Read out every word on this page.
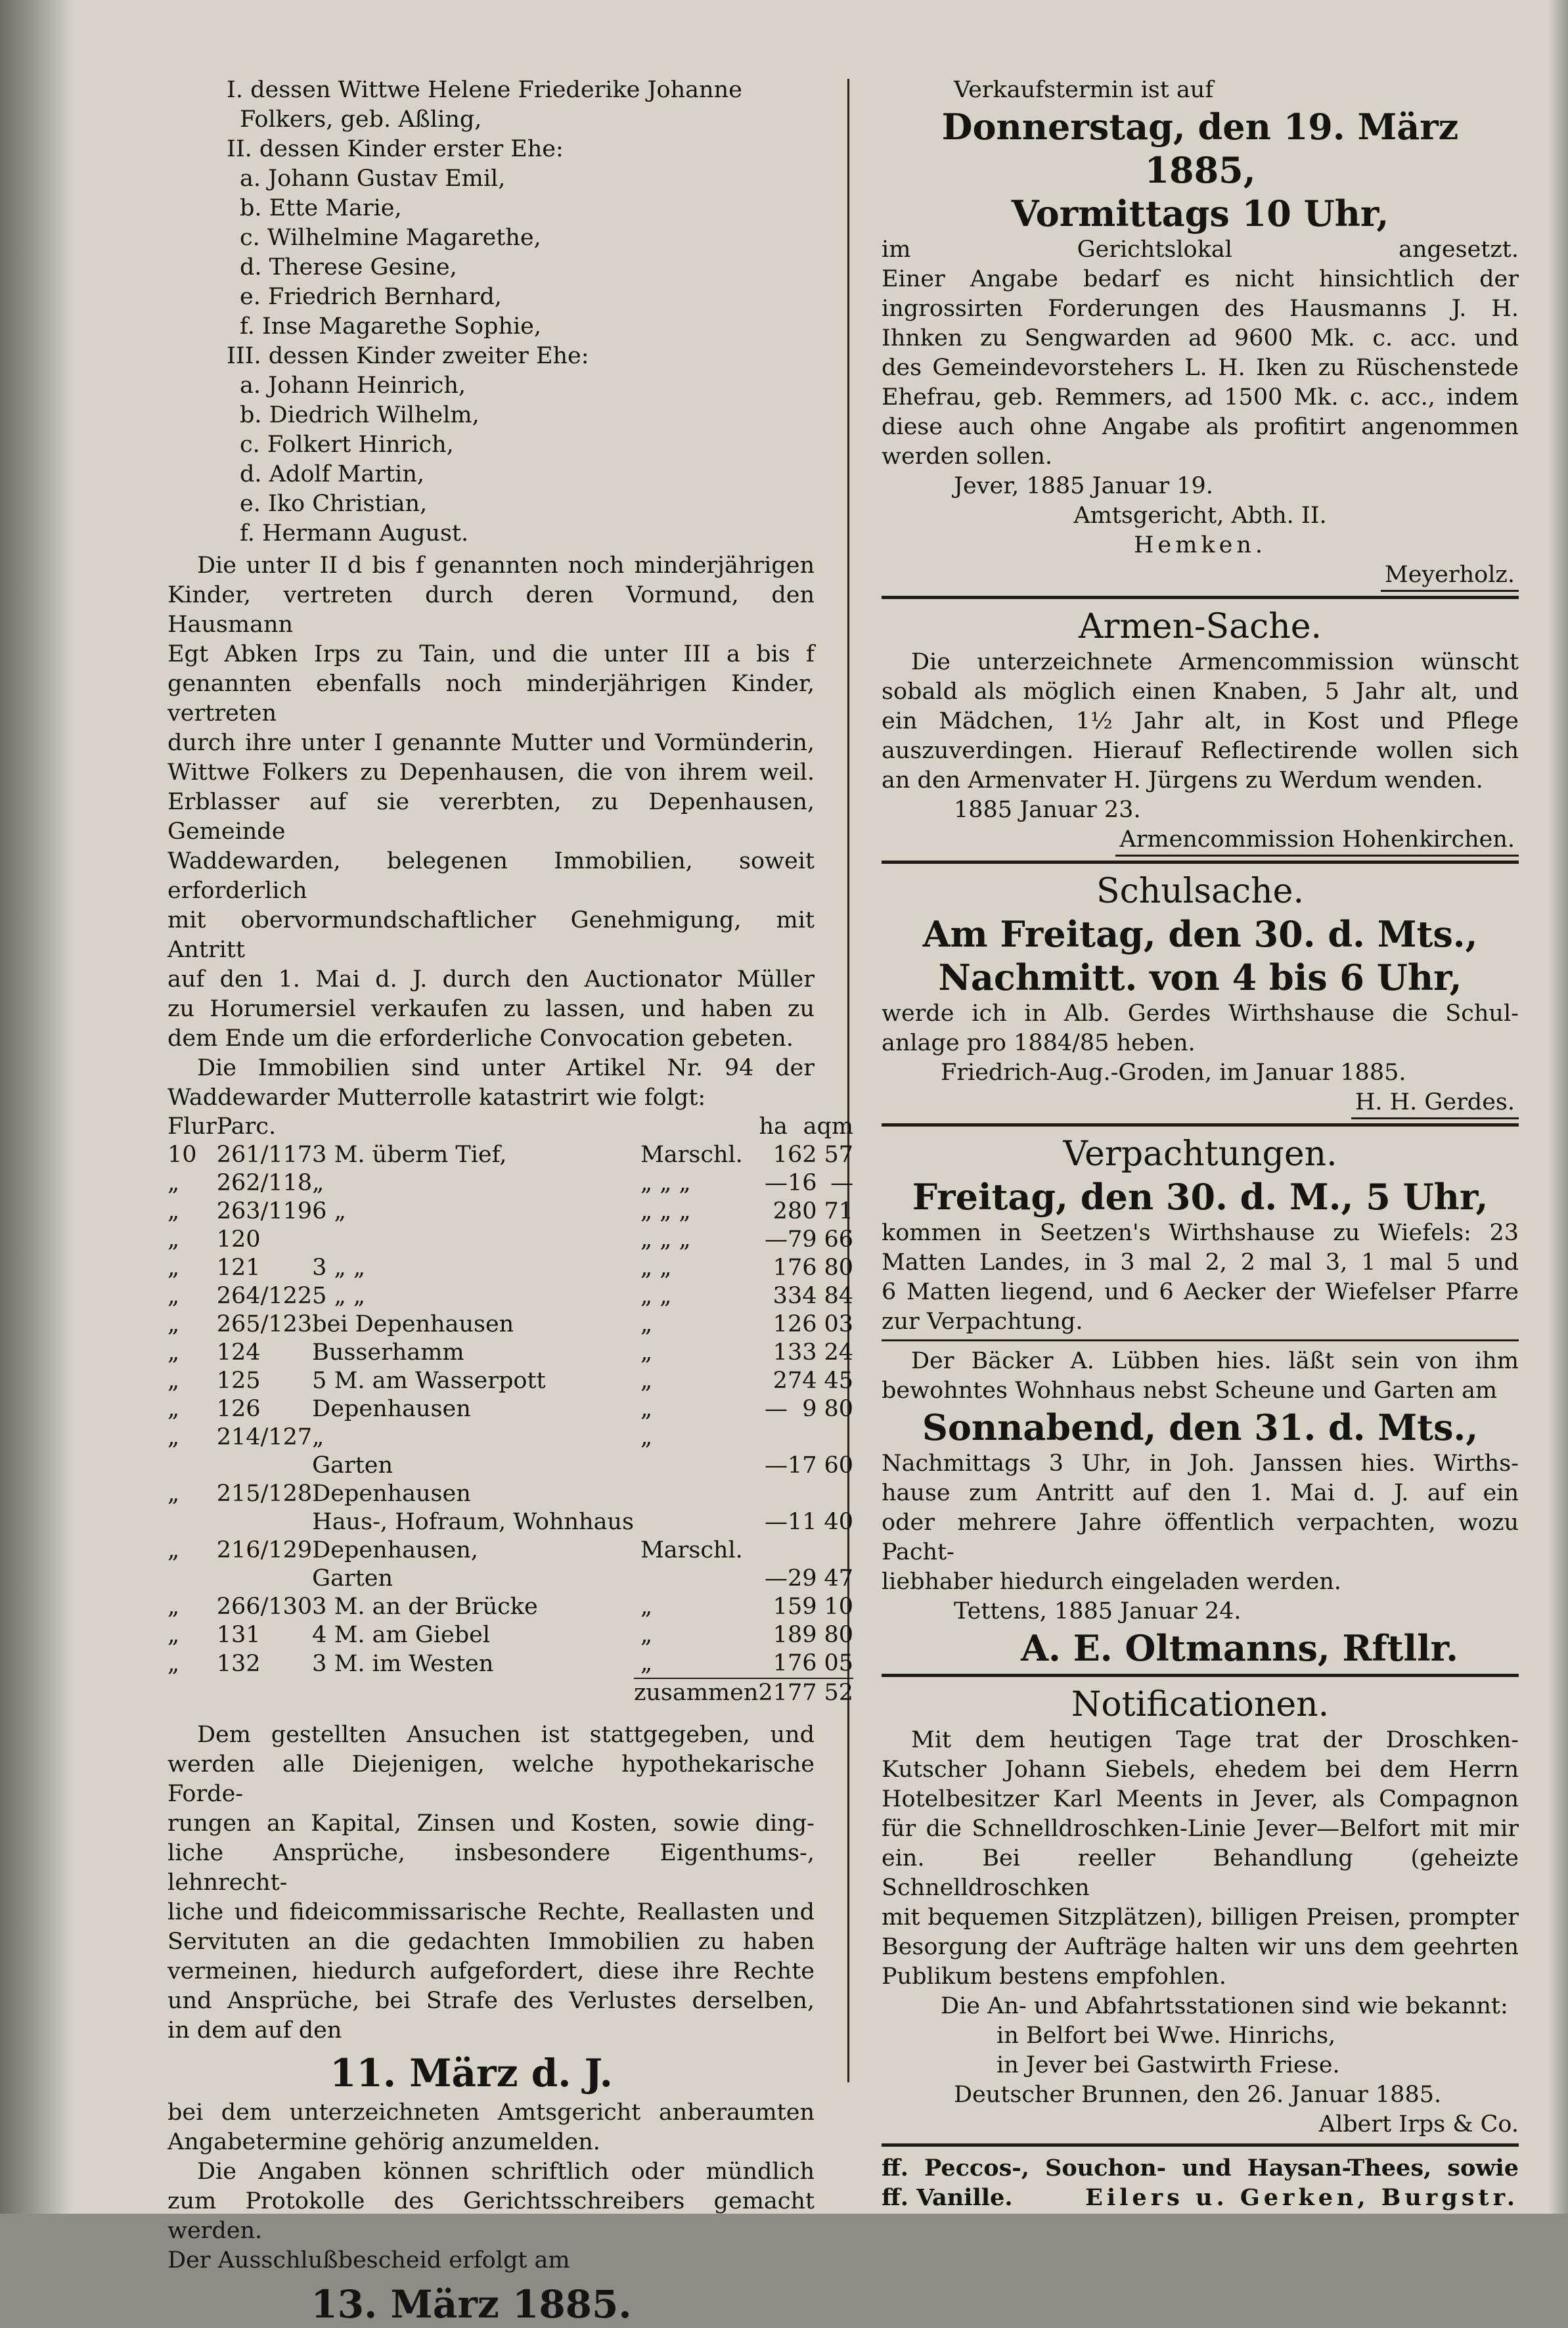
I. dessen Wittwe Helene Friederike Johanne
Folkers, geb. Aßling,
II. dessen Kinder erster Ehe:
a. Johann Gustav Emil,
b. Ette Marie,
c. Wilhelmine Magarethe,
d. Therese Gesine,
e. Friedrich Bernhard,
f. Inse Magarethe Sophie,
III. dessen Kinder zweiter Ehe:
a. Johann Heinrich,
b. Diedrich Wilhelm,
c. Folkert Hinrich,
d. Adolf Martin,
e. Iko Christian,
f. Hermann August.
Die unter II d bis f genannten noch minderjährigen
Kinder, vertreten durch deren Vormund, den Hausmann
Egt Abken Irps zu Tain, und die unter III a bis f
genannten ebenfalls noch minderjährigen Kinder, vertreten
durch ihre unter I genannte Mutter und Vormünderin,
Wittwe Folkers zu Depenhausen, die von ihrem weil.
Erblasser auf sie vererbten, zu Depenhausen, Gemeinde
Waddewarden, belegenen Immobilien, soweit erforderlich
mit obervormundschaftlicher Genehmigung, mit Antritt
auf den 1. Mai d. J. durch den Auctionator Müller
zu Horumersiel verkaufen zu lassen, und haben zu
dem Ende um die erforderliche Convocation gebeten.
Die Immobilien sind unter Artikel Nr. 94 der
Waddewarder Mutterrolle katastrirt wie folgt:
Flur	Parc.			ha	a	qm
10	261/117	3 M. überm Tief,	Marschl.	1	62	57
„	262/118	„	„ „ „	—	16	—
„	263/119	6 „	„ „ „	2	80	71
„	120		„ „ „	—	79	66
„	121	3 „ „	„ „	1	76	80
„	264/122	5 „ „	„ „	3	34	84
„	265/123	bei Depenhausen	„	1	26	03
„	124	Busserhamm	„	1	33	24
„	125	5 M. am Wasserpott	„	2	74	45
„	126	Depenhausen	„	—	9	80
„	214/127	„	„			
		Garten		—	17	60
„	215/128	Depenhausen				
		Haus-, Hofraum, Wohnhaus		—	11	40
„	216/129	Depenhausen,	Marschl.			
		Garten		—	29	47
„	266/130	3 M. an der Brücke	„	1	59	10
„	131	4 M. am Giebel	„	1	89	80
„	132	3 M. im Westen	„	1	76	05
			zusammen	21	77	52
Dem gestellten Ansuchen ist stattgegeben, und
werden alle Diejenigen, welche hypothekarische Forde-
rungen an Kapital, Zinsen und Kosten, sowie ding-
liche Ansprüche, insbesondere Eigenthums-, lehnrecht-
liche und fideicommissarische Rechte, Reallasten und
Servituten an die gedachten Immobilien zu haben
vermeinen, hiedurch aufgefordert, diese ihre Rechte
und Ansprüche, bei Strafe des Verlustes derselben,
in dem auf den
11. März d. J.
bei dem unterzeichneten Amtsgericht anberaumten
Angabetermine gehörig anzumelden.
Die Angaben können schriftlich oder mündlich
zum Protokolle des Gerichtsschreibers gemacht werden.
Der Ausschlußbescheid erfolgt am
13. März 1885.
Verkaufstermin ist auf
Donnerstag, den 19. März 1885,
Vormittags 10 Uhr,
im Gerichtslokal angesetzt.
Einer Angabe bedarf es nicht hinsichtlich der
ingrossirten Forderungen des Hausmanns J. H.
Ihnken zu Sengwarden ad 9600 Mk. c. acc. und
des Gemeindevorstehers L. H. Iken zu Rüschenstede
Ehefrau, geb. Remmers, ad 1500 Mk. c. acc., indem
diese auch ohne Angabe als profitirt angenommen
werden sollen.
Jever, 1885 Januar 19.
Amtsgericht, Abth. II.
Hemken.
Meyerholz.
Armen-Sache.
Die unterzeichnete Armencommission wünscht
sobald als möglich einen Knaben, 5 Jahr alt, und
ein Mädchen, 1½ Jahr alt, in Kost und Pflege
auszuverdingen. Hierauf Reflectirende wollen sich
an den Armenvater H. Jürgens zu Werdum wenden.
1885 Januar 23.
Armencommission Hohenkirchen.
Schulsache.
Am Freitag, den 30. d. Mts.,
Nachmitt. von 4 bis 6 Uhr,
werde ich in Alb. Gerdes Wirthshause die Schul-
anlage pro 1884/85 heben.
Friedrich-Aug.-Groden, im Januar 1885.
H. H. Gerdes.
Verpachtungen.
Freitag, den 30. d. M., 5 Uhr,
kommen in Seetzen's Wirthshause zu Wiefels: 23
Matten Landes, in 3 mal 2, 2 mal 3, 1 mal 5 und
6 Matten liegend, und 6 Aecker der Wiefelser Pfarre
zur Verpachtung.
Der Bäcker A. Lübben hies. läßt sein von ihm
bewohntes Wohnhaus nebst Scheune und Garten am
Sonnabend, den 31. d. Mts.,
Nachmittags 3 Uhr, in Joh. Janssen hies. Wirths-
hause zum Antritt auf den 1. Mai d. J. auf ein
oder mehrere Jahre öffentlich verpachten, wozu Pacht-
liebhaber hiedurch eingeladen werden.
Tettens, 1885 Januar 24.
A. E. Oltmanns, Rftllr.
Notificationen.
Mit dem heutigen Tage trat der Droschken-
Kutscher Johann Siebels, ehedem bei dem Herrn
Hotelbesitzer Karl Meents in Jever, als Compagnon
für die Schnelldroschken-Linie Jever—Belfort mit mir
ein. Bei reeller Behandlung (geheizte Schnelldroschken
mit bequemen Sitzplätzen), billigen Preisen, prompter
Besorgung der Aufträge halten wir uns dem geehrten
Publikum bestens empfohlen.
Die An- und Abfahrtsstationen sind wie bekannt:
in Belfort bei Wwe. Hinrichs,
in Jever bei Gastwirth Friese.
Deutscher Brunnen, den 26. Januar 1885.
Albert Irps & Co.
ff. Peccos-, Souchon- und Haysan-Thees, sowie
ff. Vanille.	Eilers u. Gerken, Burgstr.
